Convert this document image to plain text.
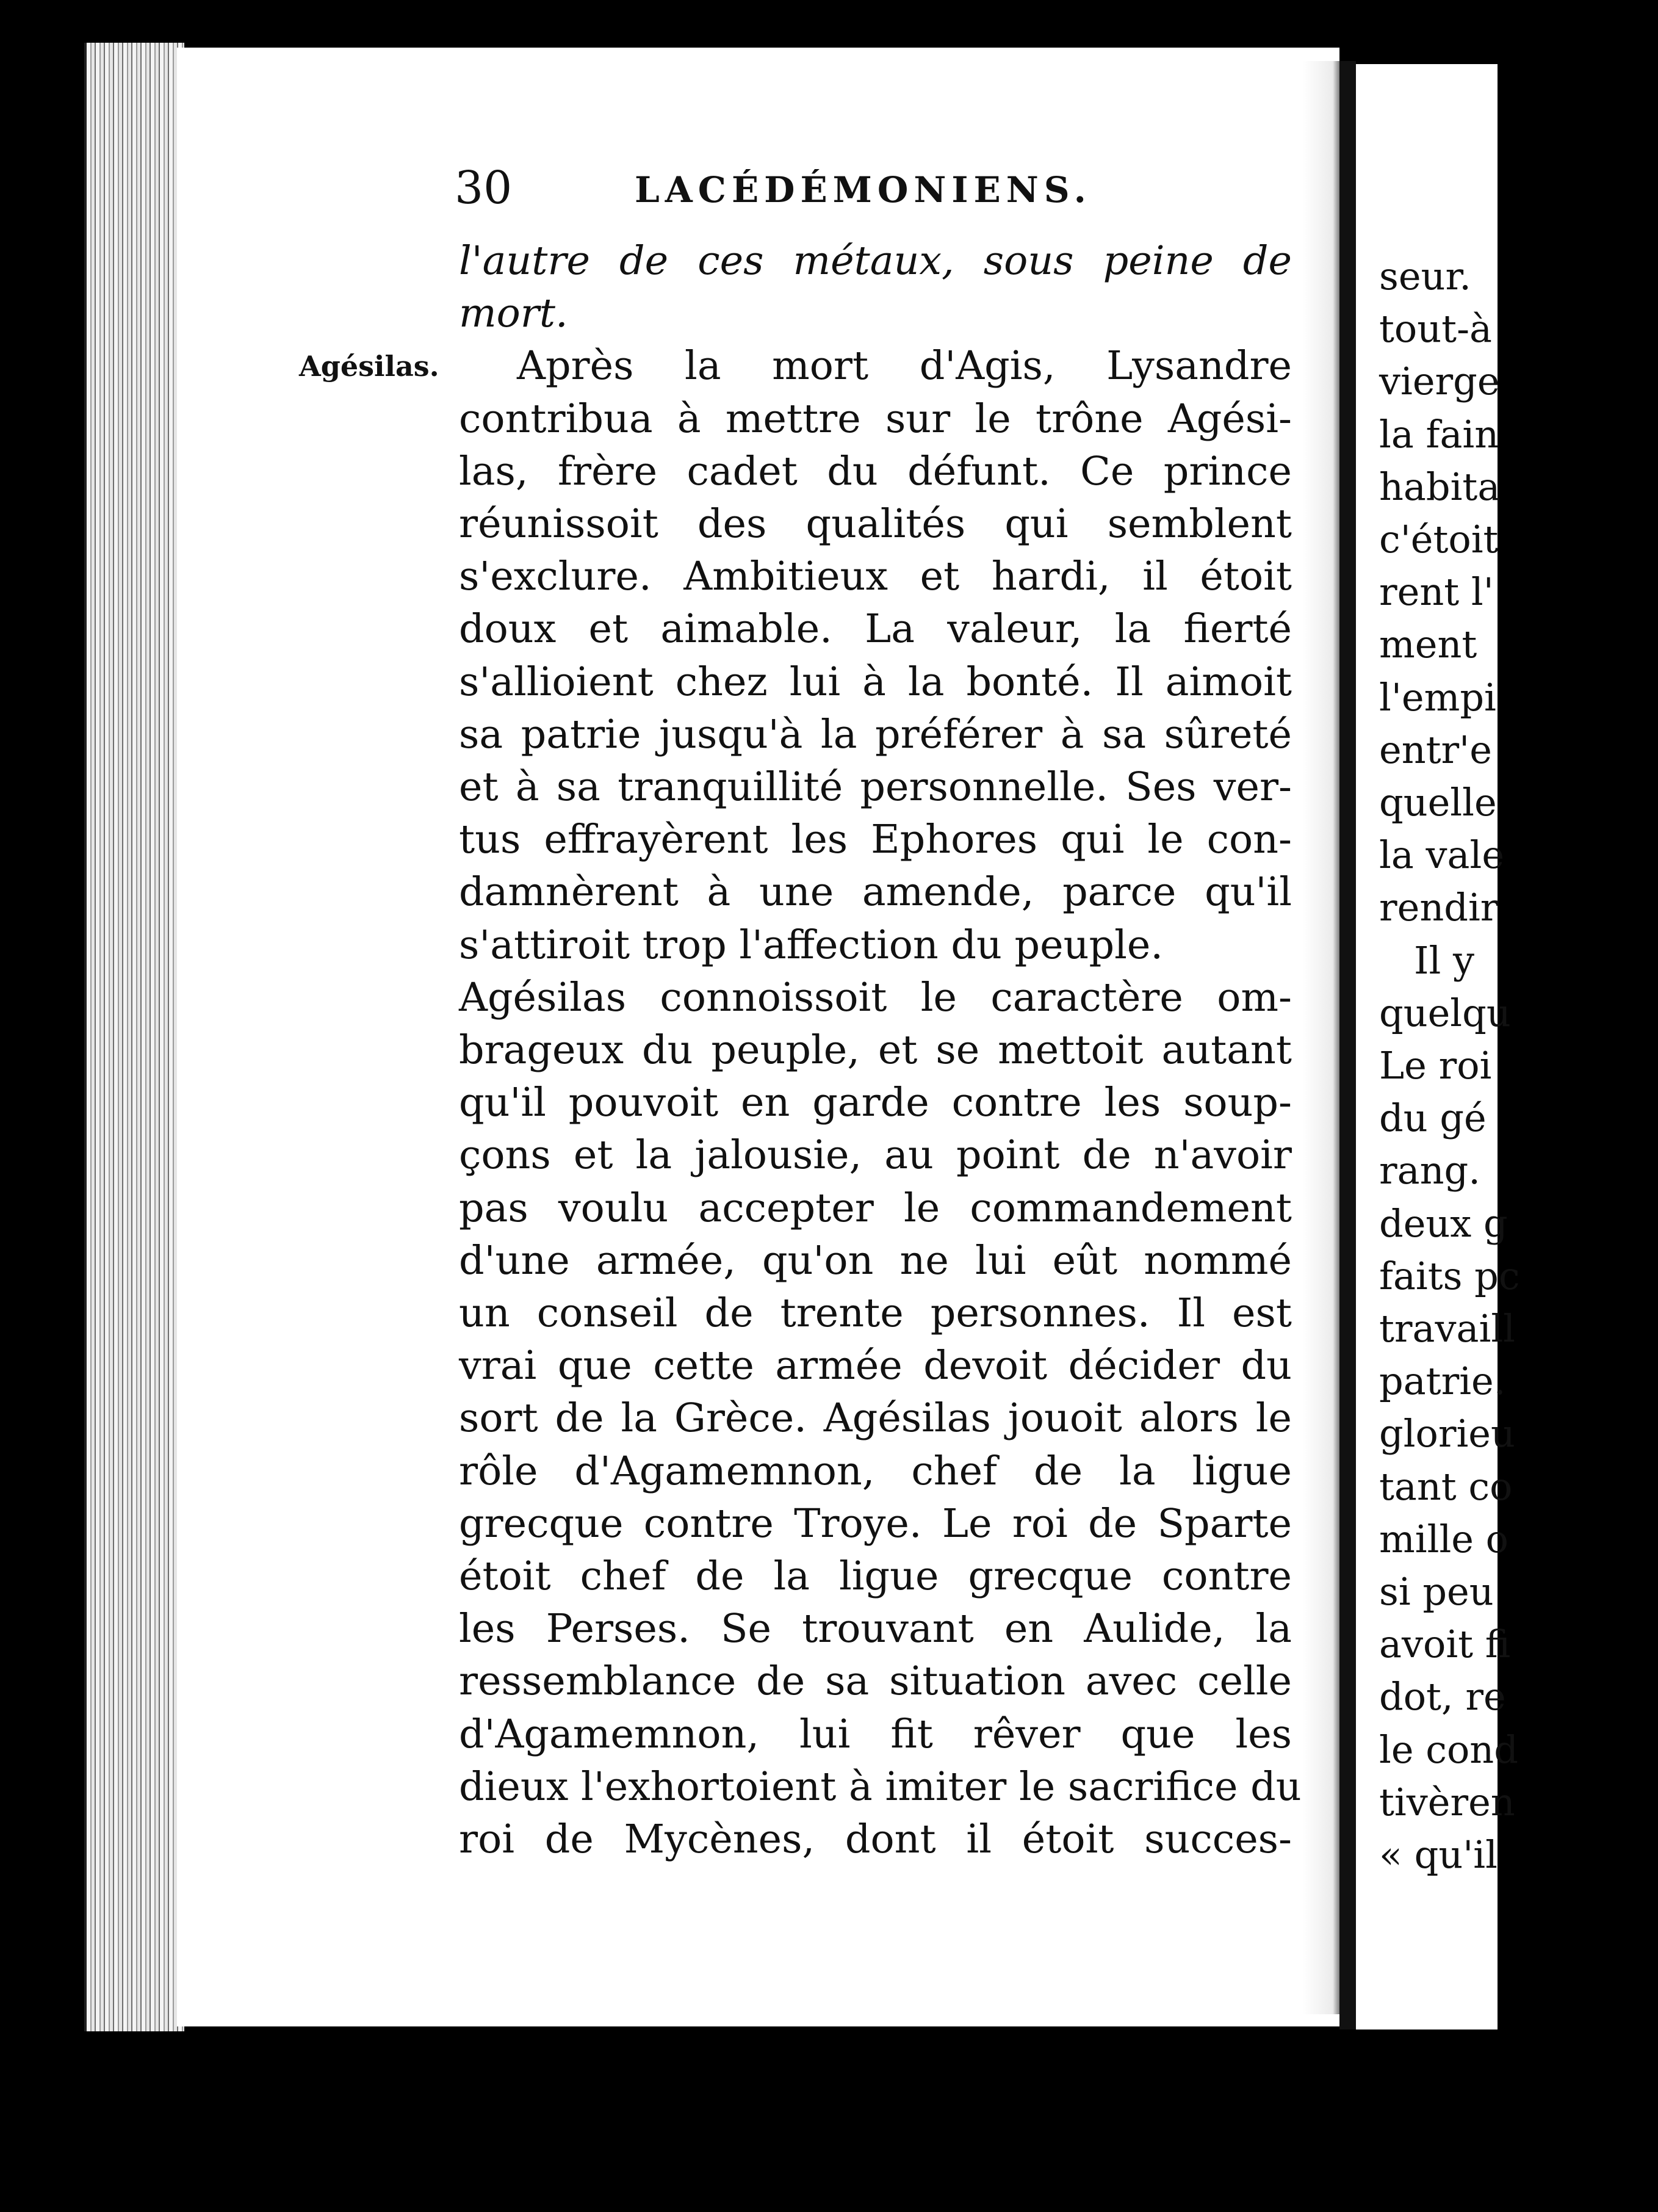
seur.
tout-à
vierge
la fain
habita
c'étoit
rent l'
ment
l'empi
entr'e
quelle
la vale
rendir
Il y
quelqu
Le roi
du gé
rang.
deux g
faits pc
travaill
patrie.
glorieu
tant co
mille o
si peu
avoit fi
dot, re
le cond
tivèren
« qu'il
30	LACÉDÉMONIENS.
Agésilas.
l'autre de ces métaux, sous peine de
mort.
Après la mort d'Agis, Lysandre
contribua à mettre sur le trône Agési-
las, frère cadet du défunt. Ce prince
réunissoit des qualités qui semblent
s'exclure. Ambitieux et hardi, il étoit
doux et aimable. La valeur, la fierté
s'allioient chez lui à la bonté. Il aimoit
sa patrie jusqu'à la préférer à sa sûreté
et à sa tranquillité personnelle. Ses ver-
tus effrayèrent les Ephores qui le con-
damnèrent à une amende, parce qu'il
s'attiroit trop l'affection du peuple.
Agésilas connoissoit le caractère om-
brageux du peuple, et se mettoit autant
qu'il pouvoit en garde contre les soup-
çons et la jalousie, au point de n'avoir
pas voulu accepter le commandement
d'une armée, qu'on ne lui eût nommé
un conseil de trente personnes. Il est
vrai que cette armée devoit décider du
sort de la Grèce. Agésilas jouoit alors le
rôle d'Agamemnon, chef de la ligue
grecque contre Troye. Le roi de Sparte
étoit chef de la ligue grecque contre
les Perses. Se trouvant en Aulide, la
ressemblance de sa situation avec celle
d'Agamemnon, lui fit rêver que les
dieux l'exhortoient à imiter le sacrifice du
roi de Mycènes, dont il étoit succes-
